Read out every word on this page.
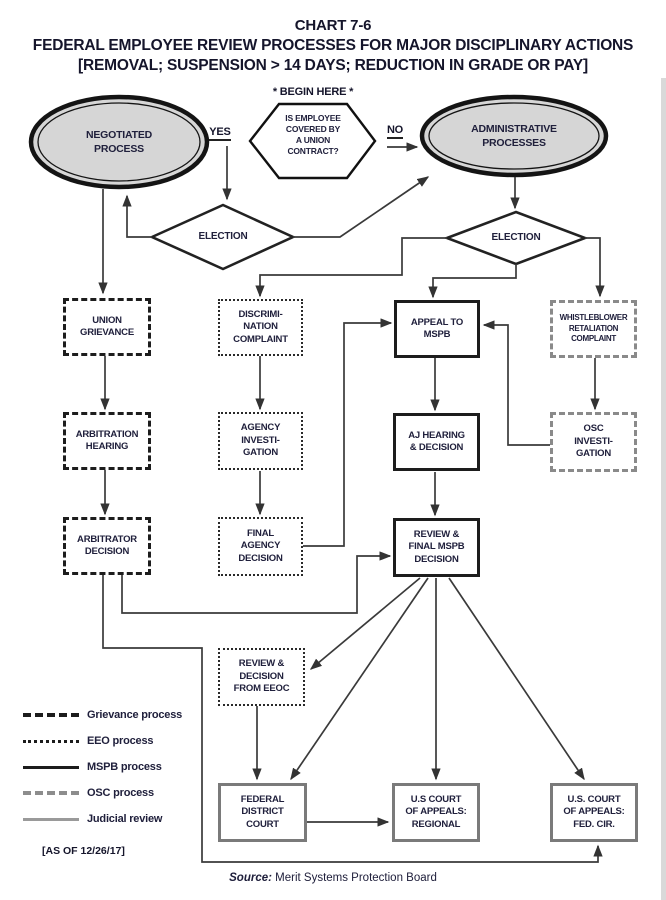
CHART 7-6
FEDERAL EMPLOYEE REVIEW PROCESSES FOR MAJOR DISCIPLINARY ACTIONS
[REMOVAL; SUSPENSION > 14 DAYS; REDUCTION IN GRADE OR PAY]
* BEGIN HERE *
IS EMPLOYEE
COVERED BY
A UNION
CONTRACT?
YES	NO
NEGOTIATED
PROCESS
ADMINISTRATIVE
PROCESSES
ELECTION	ELECTION
UNION
GRIEVANCE
DISCRIMI-
NATION
COMPLAINT
APPEAL TO
MSPB
WHISTLEBLOWER
RETALIATION
COMPLAINT
ARBITRATION
HEARING
AGENCY
INVESTI-
GATION
AJ HEARING
& DECISION
OSC
INVESTI-
GATION
ARBITRATOR
DECISION
FINAL
AGENCY
DECISION
REVIEW &
FINAL MSPB
DECISION
REVIEW &
DECISION
FROM EEOC
FEDERAL
DISTRICT
COURT
U.S COURT
OF APPEALS:
REGIONAL
U.S. COURT
OF APPEALS:
FED. CIR.
Grievance process
EEO process
MSPB process
OSC process
Judicial review
[AS OF 12/26/17]
Source: Merit Systems Protection Board
